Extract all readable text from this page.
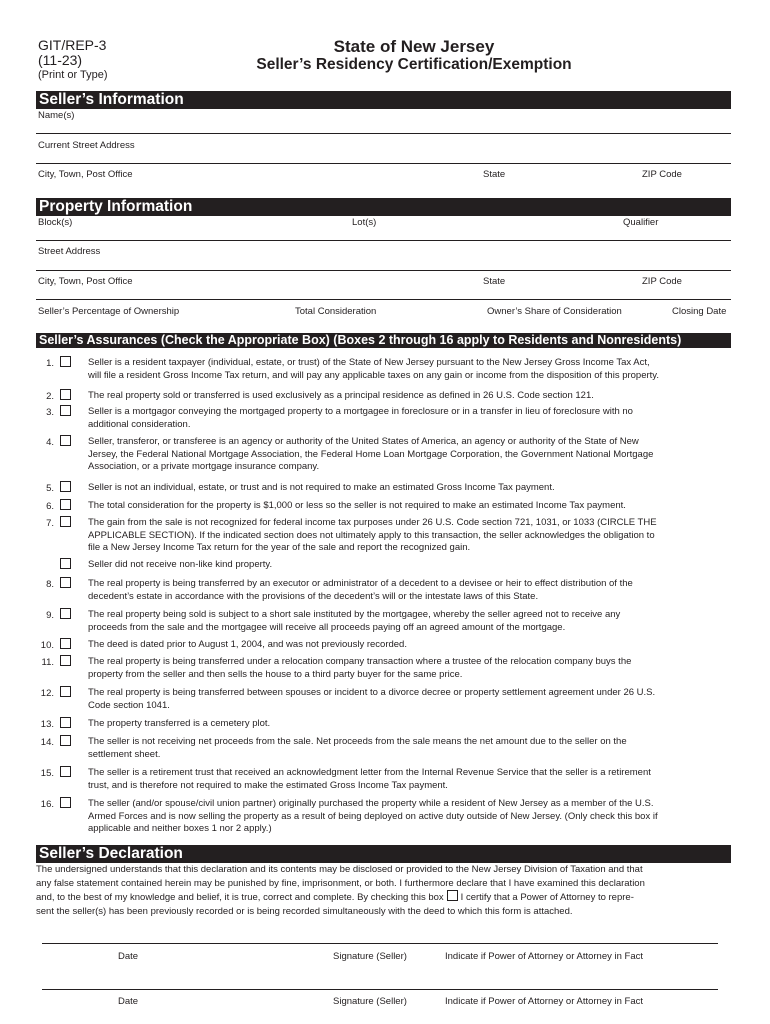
GIT/REP-3
(11-23)
(Print or Type)
State of New Jersey
Seller’s Residency Certification/Exemption
Seller’s Information
Name(s)
Current Street Address
City, Town, Post Office	State	ZIP Code
Property Information
Block(s)	Lot(s)	Qualifier
Street Address
City, Town, Post Office	State	ZIP Code
Seller’s Percentage of Ownership	Total Consideration	Owner’s Share of Consideration	Closing Date
Seller’s Assurances (Check the Appropriate Box) (Boxes 2 through 16 apply to Residents and Nonresidents)
1.	Seller is a resident taxpayer (individual, estate, or trust) of the State of New Jersey pursuant to the New Jersey Gross Income Tax Act,
will file a resident Gross Income Tax return, and will pay any applicable taxes on any gain or income from the disposition of this property.
2.	The real property sold or transferred is used exclusively as a principal residence as defined in 26 U.S. Code section 121.
3.	Seller is a mortgagor conveying the mortgaged property to a mortgagee in foreclosure or in a transfer in lieu of foreclosure with no
additional consideration.
4.	Seller, transferor, or transferee is an agency or authority of the United States of America, an agency or authority of the State of New
Jersey, the Federal National Mortgage Association, the Federal Home Loan Mortgage Corporation, the Government National Mortgage
Association, or a private mortgage insurance company.
5.	Seller is not an individual, estate, or trust and is not required to make an estimated Gross Income Tax payment.
6.	The total consideration for the property is $1,000 or less so the seller is not required to make an estimated Income Tax payment.
7.	The gain from the sale is not recognized for federal income tax purposes under 26 U.S. Code section 721, 1031, or 1033 (CIRCLE THE
APPLICABLE SECTION). If the indicated section does not ultimately apply to this transaction, the seller acknowledges the obligation to
file a New Jersey Income Tax return for the year of the sale and report the recognized gain.
Seller did not receive non-like kind property.
8.	The real property is being transferred by an executor or administrator of a decedent to a devisee or heir to effect distribution of the
decedent’s estate in accordance with the provisions of the decedent’s will or the intestate laws of this State.
9.	The real property being sold is subject to a short sale instituted by the mortgagee, whereby the seller agreed not to receive any
proceeds from the sale and the mortgagee will receive all proceeds paying off an agreed amount of the mortgage.
10.	The deed is dated prior to August 1, 2004, and was not previously recorded.
11.	The real property is being transferred under a relocation company transaction where a trustee of the relocation company buys the
property from the seller and then sells the house to a third party buyer for the same price.
12.	The real property is being transferred between spouses or incident to a divorce decree or property settlement agreement under 26 U.S.
Code section 1041.
13.	The property transferred is a cemetery plot.
14.	The seller is not receiving net proceeds from the sale. Net proceeds from the sale means the net amount due to the seller on the
settlement sheet.
15.	The seller is a retirement trust that received an acknowledgment letter from the Internal Revenue Service that the seller is a retirement
trust, and is therefore not required to make the estimated Gross Income Tax payment.
16.	The seller (and/or spouse/civil union partner) originally purchased the property while a resident of New Jersey as a member of the U.S.
Armed Forces and is now selling the property as a result of being deployed on active duty outside of New Jersey. (Only check this box if
applicable and neither boxes 1 nor 2 apply.)
Seller’s Declaration
The undersigned understands that this declaration and its contents may be disclosed or provided to the New Jersey Division of Taxation and that
any false statement contained herein may be punished by fine, imprisonment, or both. I furthermore declare that I have examined this declaration
and, to the best of my knowledge and belief, it is true, correct and complete. By checking this box I certify that a Power of Attorney to repre-
sent the seller(s) has been previously recorded or is being recorded simultaneously with the deed to which this form is attached.
Date	Signature (Seller)	Indicate if Power of Attorney or Attorney in Fact
Date	Signature (Seller)	Indicate if Power of Attorney or Attorney in Fact
